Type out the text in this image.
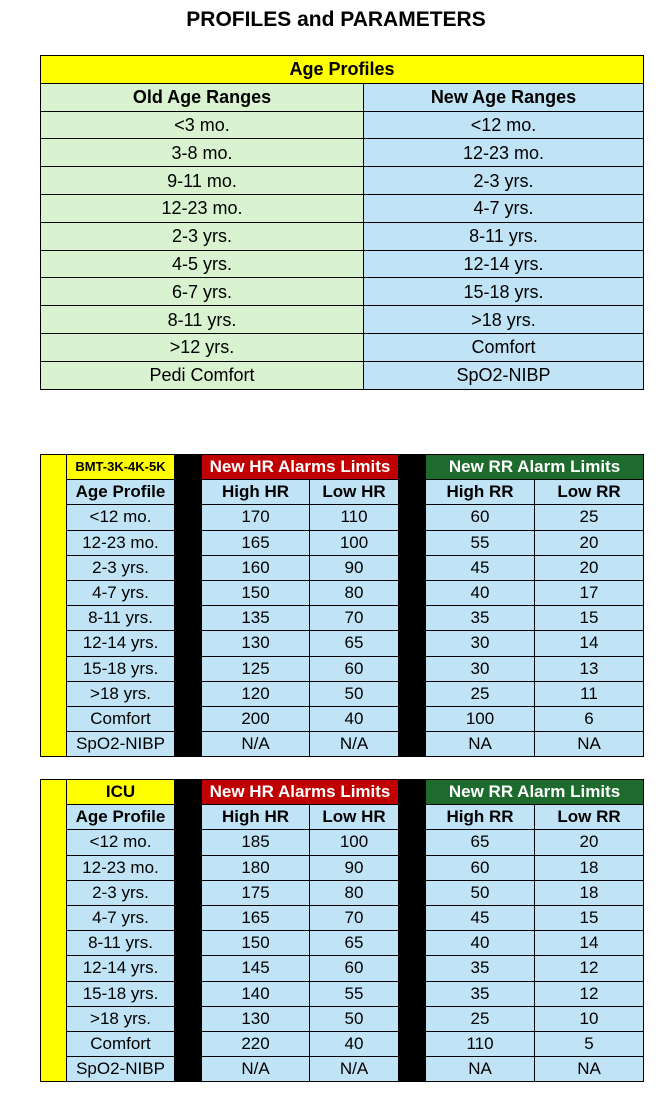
PROFILES and PARAMETERS
Age Profiles	
Old Age Ranges	New Age Ranges
<3 mo.	<12 mo.
3-8 mo.	12-23 mo.
9-11 mo.	2-3 yrs.
12-23 mo.	4-7 yrs.
2-3 yrs.	8-11 yrs.
4-5 yrs.	12-14 yrs.
6-7 yrs.	15-18 yrs.
8-11 yrs.	>18 yrs.
>12 yrs.	Comfort
Pedi Comfort	SpO2-NIBP
	BMT-3K-4K-5K		New HR Alarms Limits			New RR Alarm Limits	
	Age Profile		High HR	Low HR		High RR	Low RR
	<12 mo.		170	110		60	25
	12-23 mo.		165	100		55	20
	2-3 yrs.		160	90		45	20
	4-7 yrs.		150	80		40	17
	8-11 yrs.		135	70		35	15
	12-14 yrs.		130	65		30	14
	15-18 yrs.		125	60		30	13
	>18 yrs.		120	50		25	11
	Comfort		200	40		100	6
	SpO2-NIBP		N/A	N/A		NA	NA
	ICU		New HR Alarms Limits			New RR Alarm Limits	
	Age Profile		High HR	Low HR		High RR	Low RR
	<12 mo.		185	100		65	20
	12-23 mo.		180	90		60	18
	2-3 yrs.		175	80		50	18
	4-7 yrs.		165	70		45	15
	8-11 yrs.		150	65		40	14
	12-14 yrs.		145	60		35	12
	15-18 yrs.		140	55		35	12
	>18 yrs.		130	50		25	10
	Comfort		220	40		110	5
	SpO2-NIBP		N/A	N/A		NA	NA
